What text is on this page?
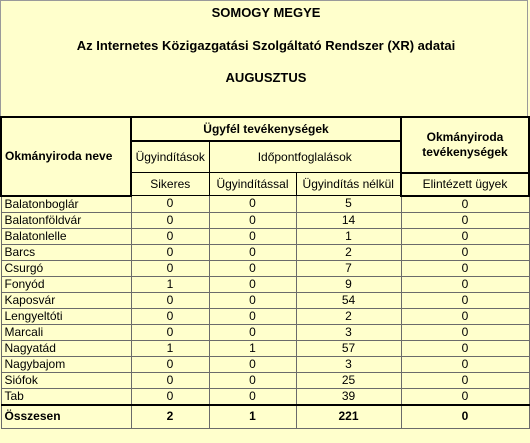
SOMOGY MEGYE
Az Internetes Közigazgatási Szolgáltató Rendszer (XR) adatai
AUGUSZTUS
Okmányiroda neve	Ügyfél tevékenységek			Okmányiroda tevékenységek
	Ügyindítások	Időpontfoglalások		
	Sikeres	Ügyindítással	Ügyindítás nélkül	Elintézett ügyek
Balatonboglár	0	0	5	0
Balatonföldvár	0	0	14	0
Balatonlelle	0	0	1	0
Barcs	0	0	2	0
Csurgó	0	0	7	0
Fonyód	1	0	9	0
Kaposvár	0	0	54	0
Lengyeltóti	0	0	2	0
Marcali	0	0	3	0
Nagyatád	1	1	57	0
Nagybajom	0	0	3	0
Siófok	0	0	25	0
Tab	0	0	39	0
Összesen	2	1	221	0
